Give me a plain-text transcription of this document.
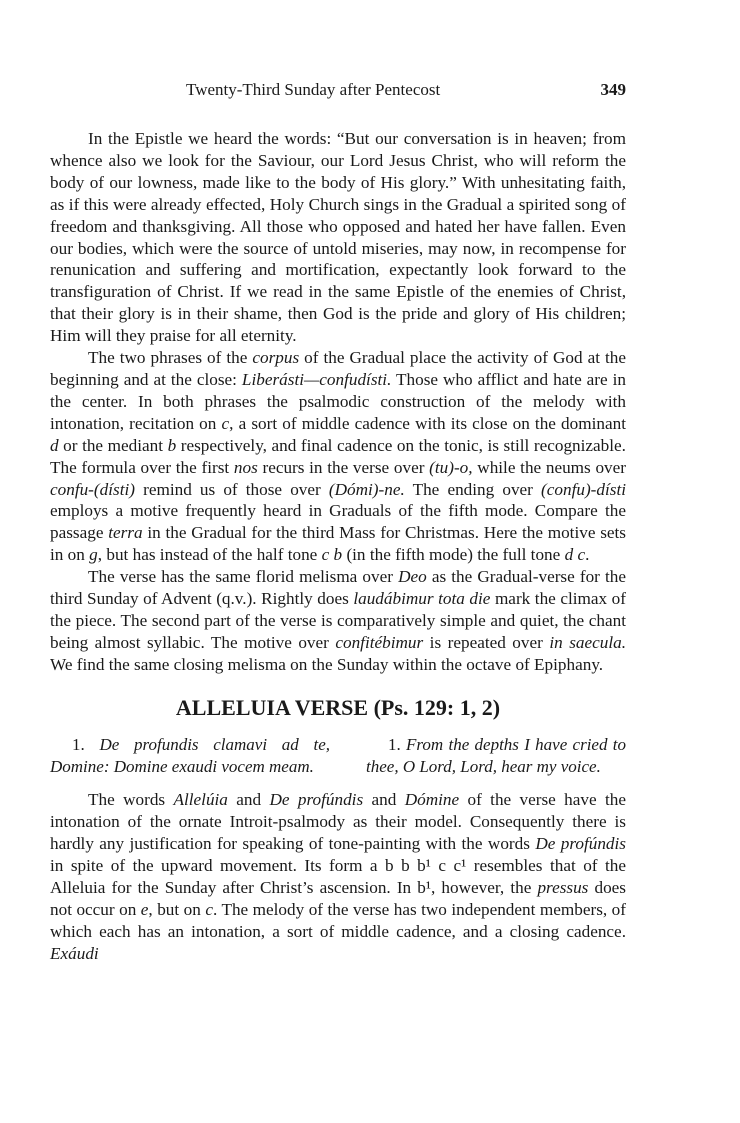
Twenty-Third Sunday after Pentecost	349

In the Epistle we heard the words: “But our conversation is in heaven; from whence also we look for the Saviour, our Lord Jesus Christ, who will reform the body of our lowness, made like to the body of His glory.” With unhesitating faith, as if this were already effected, Holy Church sings in the Gradual a spirited song of freedom and thanksgiving. All those who opposed and hated her have fallen. Even our bodies, which were the source of untold miseries, may now, in recompense for renunication and suffering and mortification, expectantly look forward to the transfiguration of Christ. If we read in the same Epistle of the enemies of Christ, that their glory is in their shame, then God is the pride and glory of His children; Him will they praise for all eternity.

The two phrases of the corpus of the Gradual place the activity of God at the beginning and at the close: Liberásti—confudísti. Those who afflict and hate are in the center. In both phrases the psalmodic construction of the melody with intonation, recitation on c, a sort of middle cadence with its close on the dominant d or the mediant b respectively, and final cadence on the tonic, is still recognizable. The formula over the first nos recurs in the verse over (tu)-o, while the neums over confu-(dísti) remind us of those over (Dómi)-ne. The ending over (confu)-dísti employs a motive frequently heard in Graduals of the fifth mode. Compare the passage terra in the Gradual for the third Mass for Christmas. Here the motive sets in on g, but has instead of the half tone c b (in the fifth mode) the full tone d c.

The verse has the same florid melisma over Deo as the Gradual-verse for the third Sunday of Advent (q.v.). Rightly does laudábimur tota die mark the climax of the piece. The second part of the verse is comparatively simple and quiet, the chant being almost syllabic. The motive over confitébimur is repeated over in saecula. We find the same closing melisma on the Sunday within the octave of Epiphany.

ALLELUIA VERSE (Ps. 129: 1, 2)
1. De profundis clamavi ad te, Domine: Domine exaudi vocem meam.
1. From the depths I have cried to thee, O Lord, Lord, hear my voice.

The words Allelúia and De profúndis and Dómine of the verse have the intonation of the ornate Introit-psalmody as their model. Consequently there is hardly any justification for speaking of tone-painting with the words De profúndis in spite of the upward movement. Its form a b b b¹ c c¹ resembles that of the Alleluia for the Sunday after Christ’s ascension. In b¹, however, the pressus does not occur on e, but on c. The melody of the verse has two independent members, of which each has an intonation, a sort of middle cadence, and a closing cadence. Exáudi
